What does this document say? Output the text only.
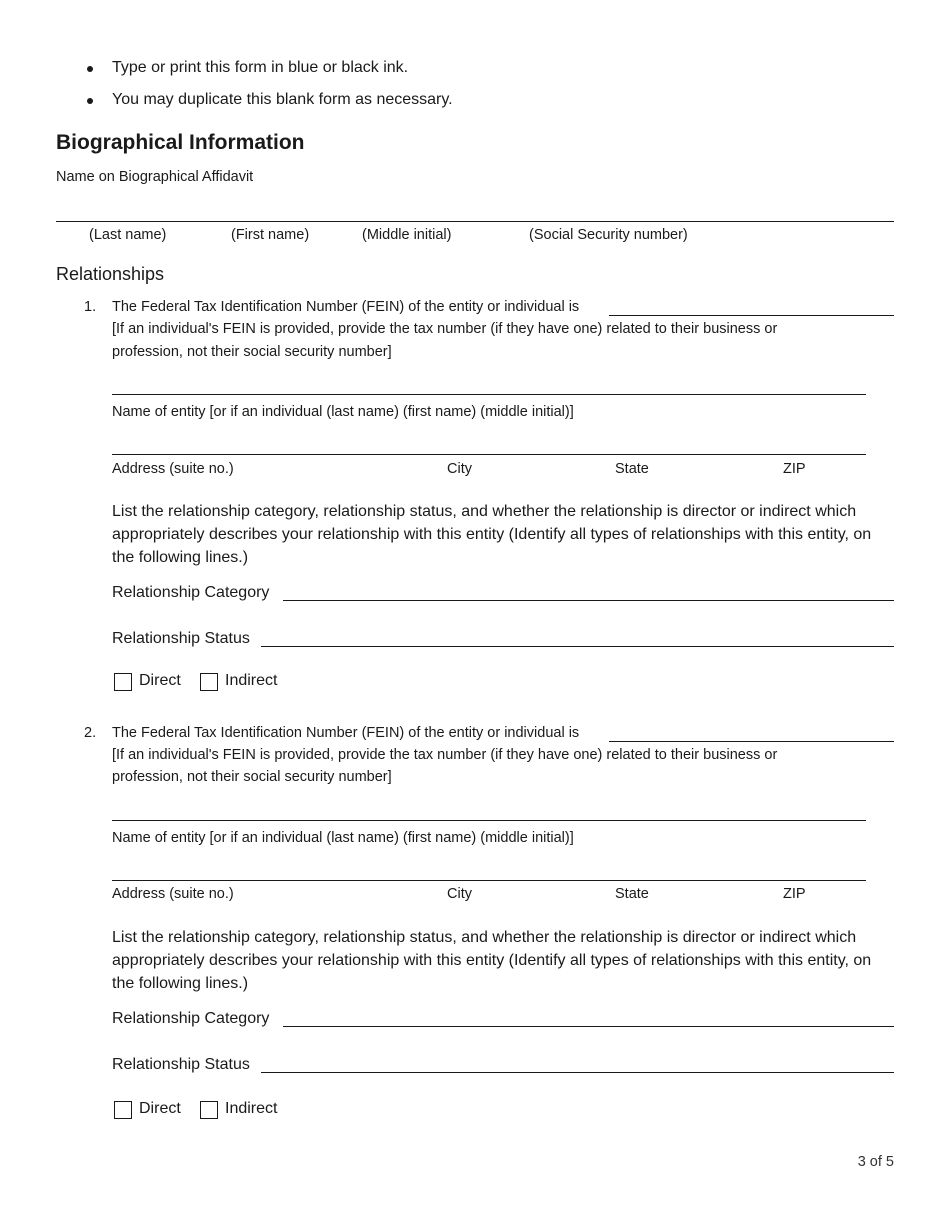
Type or print this form in blue or black ink.
You may duplicate this blank form as necessary.
Biographical Information
Name on Biographical Affidavit
(Last name)	(First name)	(Middle initial)	(Social Security number)
Relationships
1. The Federal Tax Identification Number (FEIN) of the entity or individual is
[If an individual's FEIN is provided, provide the tax number (if they have one) related to their business or
profession, not their social security number]
Name of entity [or if an individual (last name) (first name) (middle initial)]
Address (suite no.)	City	State	ZIP
List the relationship category, relationship status, and whether the relationship is director or indirect which appropriately describes your relationship with this entity (Identify all types of relationships with this entity, on the following lines.)
Relationship Category
Relationship Status
Direct	Indirect
2. The Federal Tax Identification Number (FEIN) of the entity or individual is
[If an individual's FEIN is provided, provide the tax number (if they have one) related to their business or
profession, not their social security number]
Name of entity [or if an individual (last name) (first name) (middle initial)]
Address (suite no.)	City	State	ZIP
List the relationship category, relationship status, and whether the relationship is director or indirect which appropriately describes your relationship with this entity (Identify all types of relationships with this entity, on the following lines.)
Relationship Category
Relationship Status
Direct	Indirect
3 of 5
